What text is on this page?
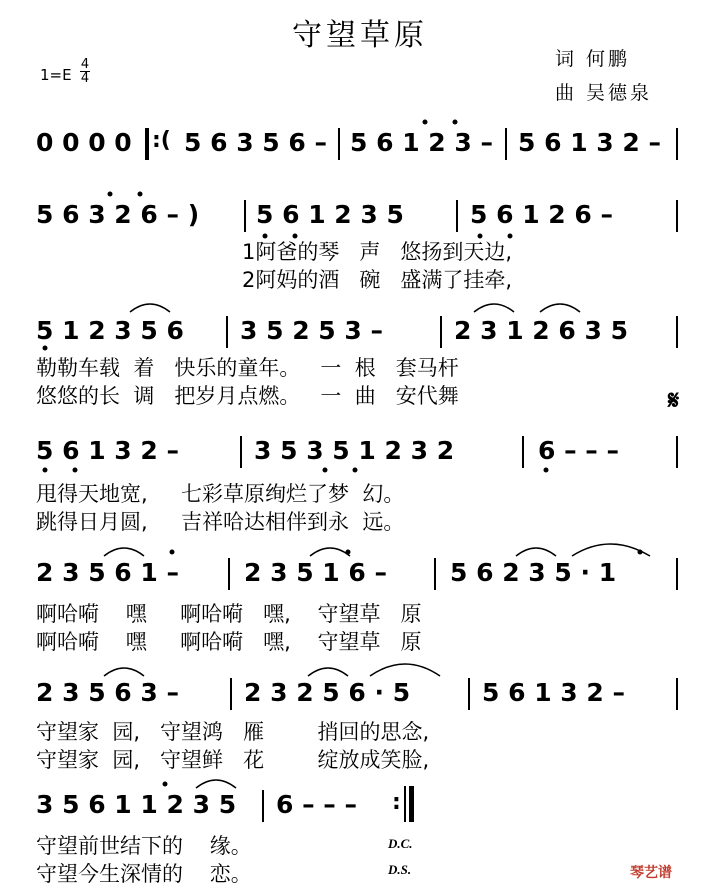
守望草原
词 何鹏
曲 吴德泉
1=E
4
4
0 0 0 0 :( 5 6 3 5 6 – 5 6 1 2 3 – 5 6 1 3 2 –
5 6 3 2 6 – ) 5 6 1 2 3 5	5 6 1 2 6 –
1阿爸的琴   声   悠扬到天边,
2阿妈的酒   碗   盛满了挂牵,
5 1 2 3 5 6 3 5 2 5 3 –	2 3 1 2 6 3 5
勒勒车载  着   快乐的童年。   一  根   套马杆
悠悠的长  调   把岁月点燃。   一  曲   安代舞	𝄋
5 6 1 3 2 –	3 5 3 5 1 2 3 2	6 – – –
甩得天地宽,     七彩草原绚烂了梦  幻。
跳得日月圆,     吉祥哈达相伴到永  远。
2 3 5 6 1 –	2 3 5 1 6 –	5 6 2 3 5 · 1
啊哈嗬    嘿     啊哈嗬   嘿,    守望草   原
啊哈嗬    嘿     啊哈嗬   嘿,    守望草   原
2 3 5 6 3 –	2 3 2 5 6 · 5	5 6 1 3 2 –
守望家  园,   守望鸿   雁        捎回的思念,
守望家  园,   守望鲜   花        绽放成笑脸,
3 5 6 1 1 2 3 5 6 – – – :
守望前世结下的    缘。
守望今生深情的    恋。
D.C.
D.S.	琴艺谱
